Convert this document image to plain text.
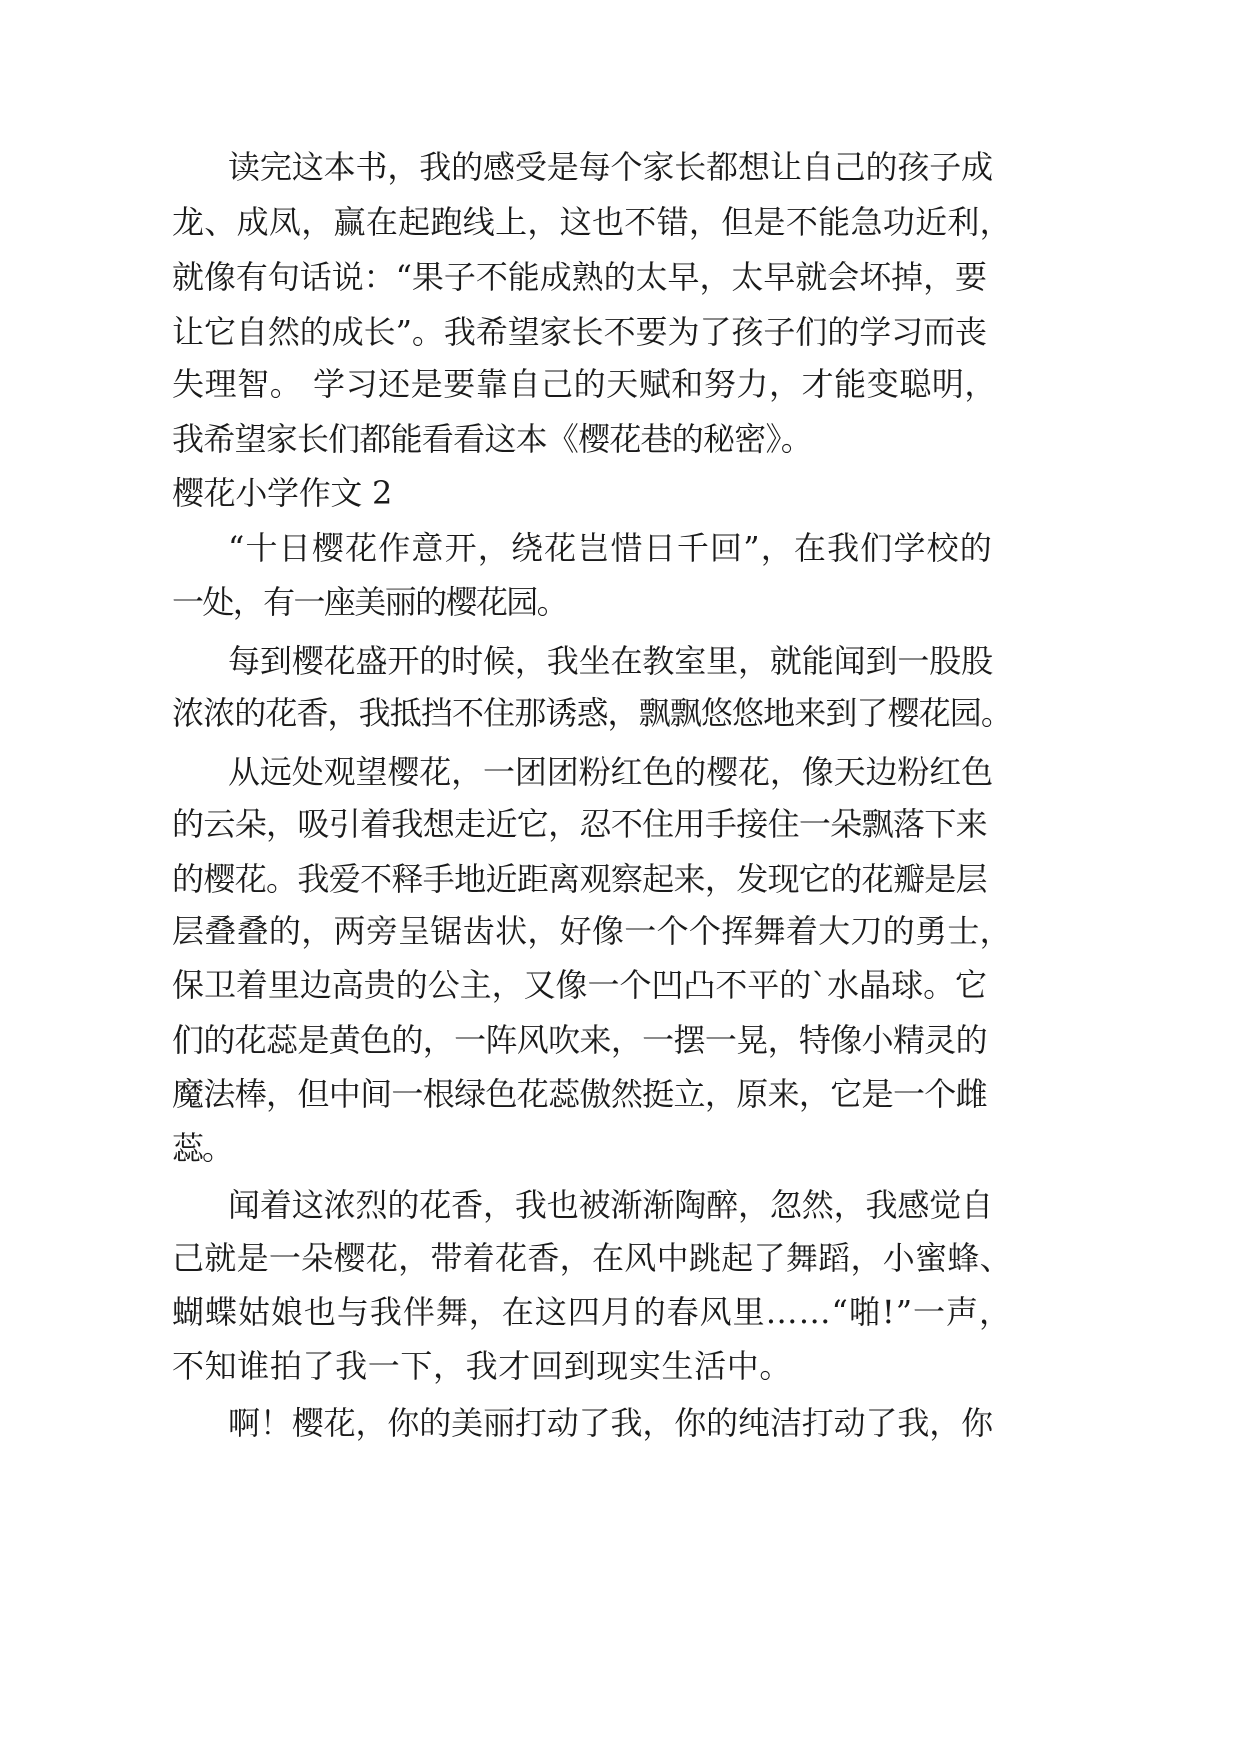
读完这本书，我的感受是每个家长都想让自己的孩子成
龙、成凤，赢在起跑线上，这也不错，但是不能急功近利，
就像有句话说：“果子不能成熟的太早，太早就会坏掉，要
让它自然的成长”。我希望家长不要为了孩子们的学习而丧
失理智。 学习还是要靠自己的天赋和努力，才能变聪明，
我希望家长们都能看看这本《樱花巷的秘密》。
樱花小学作文 2
“十日樱花作意开，绕花岂惜日千回”，在我们学校的
一处，有一座美丽的樱花园。
每到樱花盛开的时候，我坐在教室里，就能闻到一股股
浓浓的花香，我抵挡不住那诱惑，飘飘悠悠地来到了樱花园。
从远处观望樱花，一团团粉红色的樱花，像天边粉红色
的云朵，吸引着我想走近它，忍不住用手接住一朵飘落下来
的樱花。我爱不释手地近距离观察起来，发现它的花瓣是层
层叠叠的，两旁呈锯齿状，好像一个个挥舞着大刀的勇士，
保卫着里边高贵的公主，又像一个凹凸不平的`水晶球。它
们的花蕊是黄色的，一阵风吹来，一摆一晃，特像小精灵的
魔法棒，但中间一根绿色花蕊傲然挺立，原来，它是一个雌
蕊。
闻着这浓烈的花香，我也被渐渐陶醉，忽然，我感觉自
己就是一朵樱花，带着花香，在风中跳起了舞蹈，小蜜蜂、
蝴蝶姑娘也与我伴舞，在这四月的春风里……“啪!”一声，
不知谁拍了我一下，我才回到现实生活中。
啊！樱花，你的美丽打动了我，你的纯洁打动了我，你
